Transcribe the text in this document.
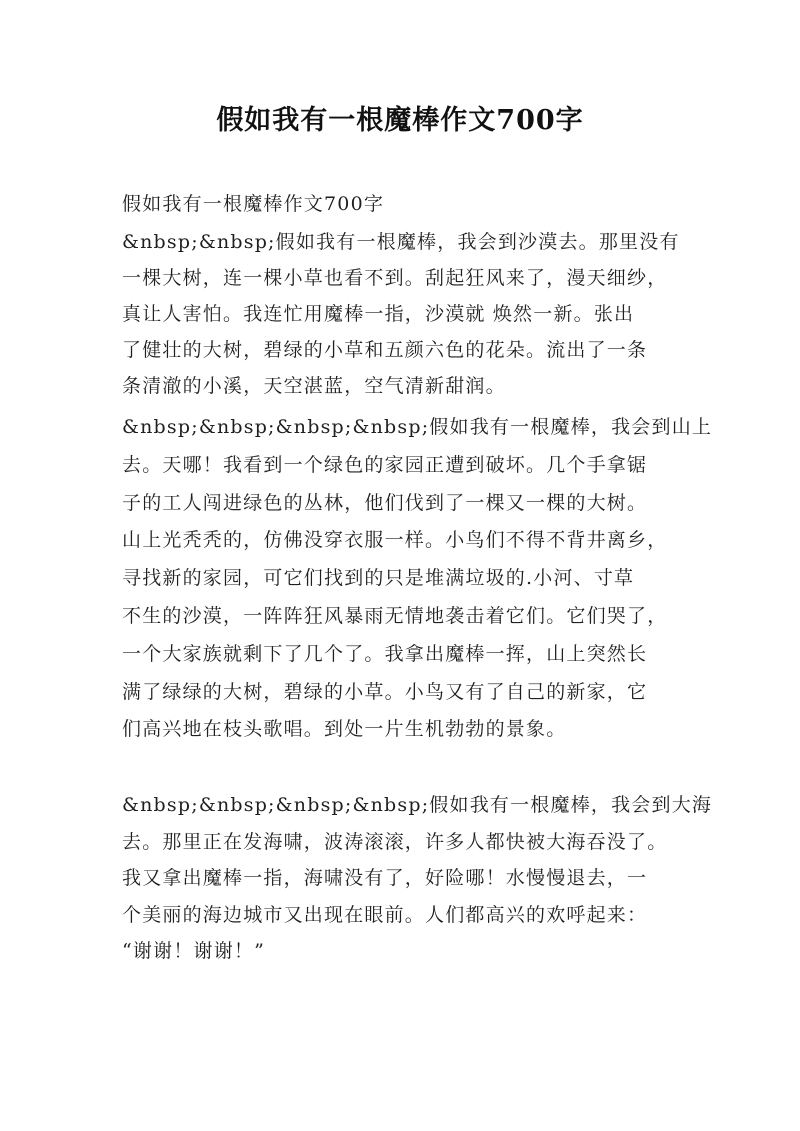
假如我有一根魔棒作文700字
假如我有一根魔棒作文700字
&nbsp;&nbsp;假如我有一根魔棒，我会到沙漠去。那里没有
一棵大树，连一棵小草也看不到。刮起狂风来了，漫天细纱，
真让人害怕。我连忙用魔棒一指，沙漠就 焕然一新。张出
了健壮的大树，碧绿的小草和五颜六色的花朵。流出了一条
条清澈的小溪，天空湛蓝，空气清新甜润。
&nbsp;&nbsp;&nbsp;&nbsp;假如我有一根魔棒，我会到山上
去。天哪！我看到一个绿色的家园正遭到破坏。几个手拿锯
子的工人闯进绿色的丛林，他们伐到了一棵又一棵的大树。
山上光秃秃的，仿佛没穿衣服一样。小鸟们不得不背井离乡，
寻找新的家园，可它们找到的只是堆满垃圾的.小河、寸草
不生的沙漠，一阵阵狂风暴雨无情地袭击着它们。它们哭了，
一个大家族就剩下了几个了。我拿出魔棒一挥，山上突然长
满了绿绿的大树，碧绿的小草。小鸟又有了自己的新家，它
们高兴地在枝头歌唱。到处一片生机勃勃的景象。
&nbsp;&nbsp;&nbsp;&nbsp;假如我有一根魔棒，我会到大海
去。那里正在发海啸，波涛滚滚，许多人都快被大海吞没了。
我又拿出魔棒一指，海啸没有了，好险哪！水慢慢退去，一
个美丽的海边城市又出现在眼前。人们都高兴的欢呼起来：
“谢谢！谢谢！”
